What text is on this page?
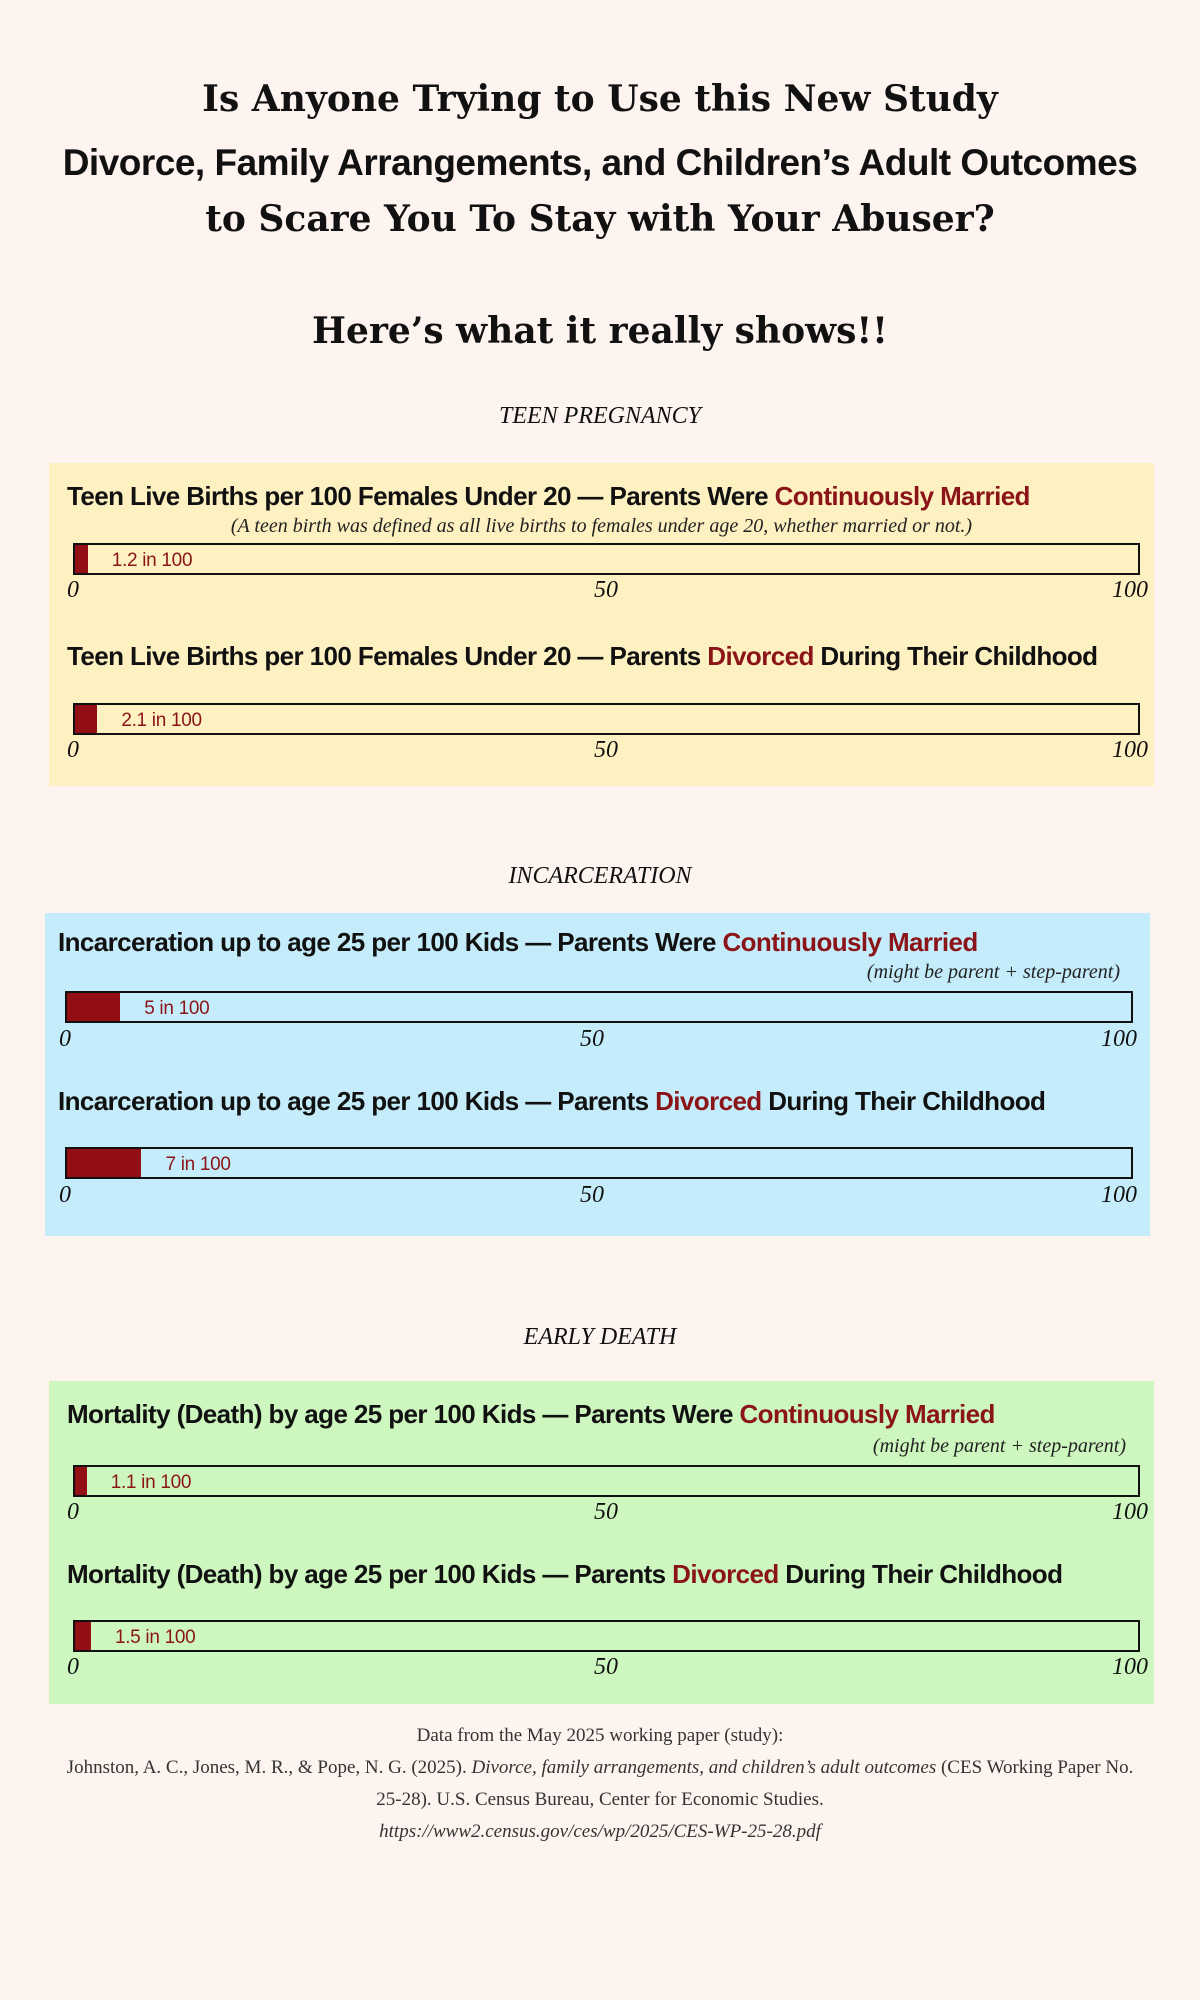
Is Anyone Trying to Use this New Study
Divorce, Family Arrangements, and Children’s Adult Outcomes
to Scare You To Stay with Your Abuser?
Here’s what it really shows!!
TEEN PREGNANCY
Teen Live Births per 100 Females Under 20 — Parents Were Continuously Married
(A teen birth was defined as all live births to females under age 20, whether married or not.)
1.2 in 100
0	50	100
Teen Live Births per 100 Females Under 20 — Parents Divorced During Their Childhood
2.1 in 100
0	50	100
INCARCERATION
Incarceration up to age 25 per 100 Kids — Parents Were Continuously Married
(might be parent + step-parent)
5 in 100
0	50	100
Incarceration up to age 25 per 100 Kids — Parents Divorced During Their Childhood
7 in 100
0	50	100
EARLY DEATH
Mortality (Death) by age 25 per 100 Kids — Parents Were Continuously Married
(might be parent + step-parent)
1.1 in 100
0	50	100
Mortality (Death) by age 25 per 100 Kids — Parents Divorced During Their Childhood
1.5 in 100
0	50	100
Data from the May 2025 working paper (study):
Johnston, A. C., Jones, M. R., & Pope, N. G. (2025). Divorce, family arrangements, and children’s adult outcomes (CES Working Paper No. 25-28). U.S. Census Bureau, Center for Economic Studies.
https://www2.census.gov/ces/wp/2025/CES-WP-25-28.pdf
